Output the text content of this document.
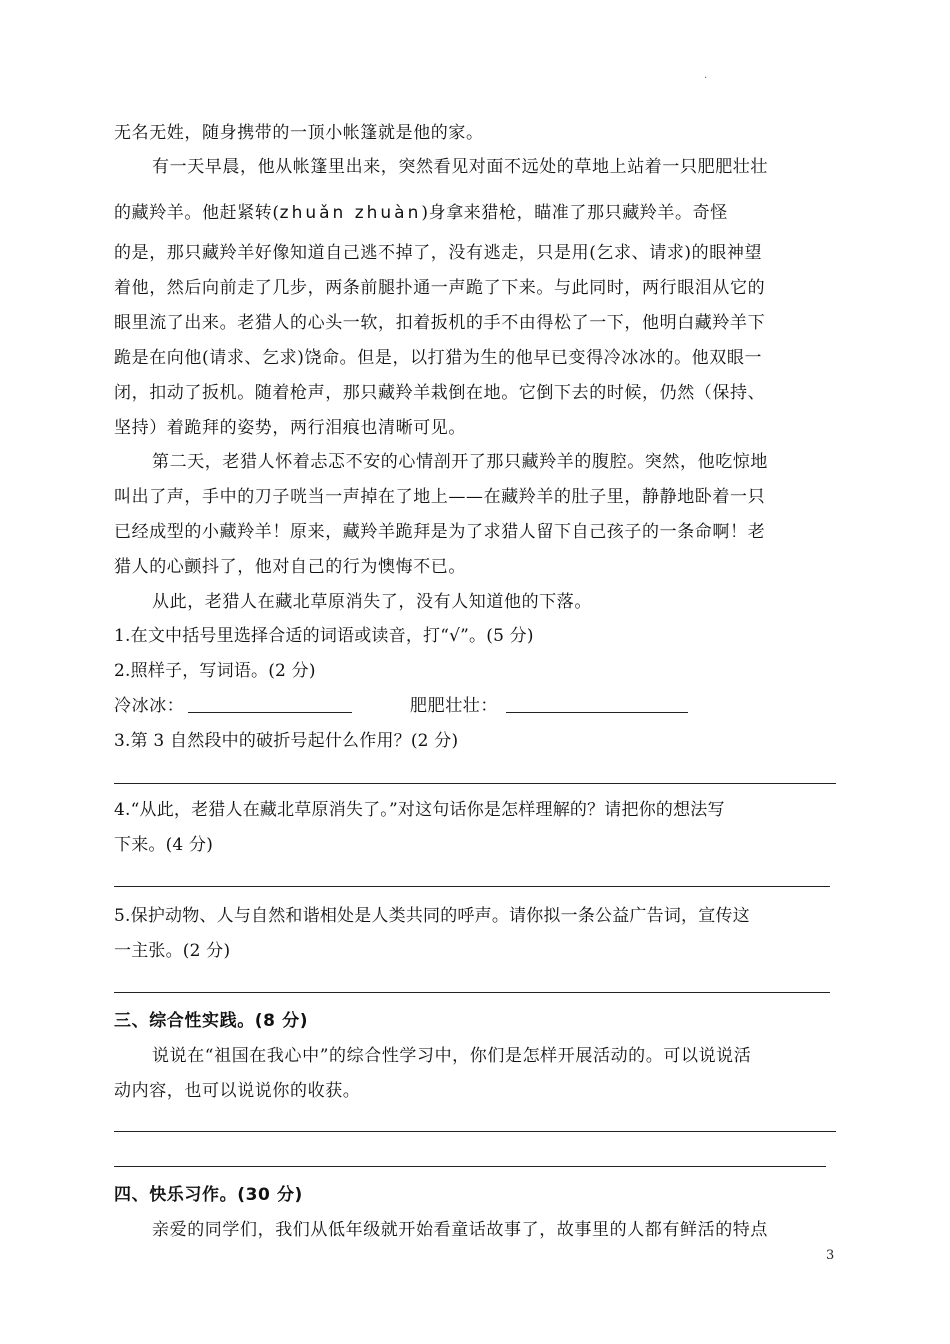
.
无名无姓，随身携带的一顶小帐篷就是他的家。
有一天早晨，他从帐篷里出来，突然看见对面不远处的草地上站着一只肥肥壮壮
的藏羚羊。他赶紧转(zhuǎn zhuàn)身拿来猎枪，瞄准了那只藏羚羊。奇怪
的是，那只藏羚羊好像知道自己逃不掉了，没有逃走，只是用(乞求、请求)的眼神望
着他，然后向前走了几步，两条前腿扑通一声跪了下来。与此同时，两行眼泪从它的
眼里流了出来。老猎人的心头一软，扣着扳机的手不由得松了一下，他明白藏羚羊下
跪是在向他(请求、乞求)饶命。但是，以打猎为生的他早已变得冷冰冰的。他双眼一
闭，扣动了扳机。随着枪声，那只藏羚羊栽倒在地。它倒下去的时候，仍然（保持、
坚持）着跪拜的姿势，两行泪痕也清晰可见。
第二天，老猎人怀着忐忑不安的心情剖开了那只藏羚羊的腹腔。突然，他吃惊地
叫出了声，手中的刀子咣当一声掉在了地上——在藏羚羊的肚子里，静静地卧着一只
已经成型的小藏羚羊！原来，藏羚羊跪拜是为了求猎人留下自己孩子的一条命啊！老
猎人的心颤抖了，他对自己的行为懊悔不已。
从此，老猎人在藏北草原消失了，没有人知道他的下落。
1.在文中括号里选择合适的词语或读音，打“√”。(5 分)
2.照样子，写词语。(2 分)
冷冰冰：	肥肥壮壮：
3.第 3 自然段中的破折号起什么作用？(2 分)
4.“从此，老猎人在藏北草原消失了。”对这句话你是怎样理解的？请把你的想法写
下来。(4 分)
5.保护动物、人与自然和谐相处是人类共同的呼声。请你拟一条公益广告词，宣传这
一主张。(2 分)
三、综合性实践。(8 分)
说说在“祖国在我心中”的综合性学习中，你们是怎样开展活动的。可以说说活
动内容，也可以说说你的收获。
四、快乐习作。(30 分)
亲爱的同学们，我们从低年级就开始看童话故事了，故事里的人都有鲜活的特点
3
